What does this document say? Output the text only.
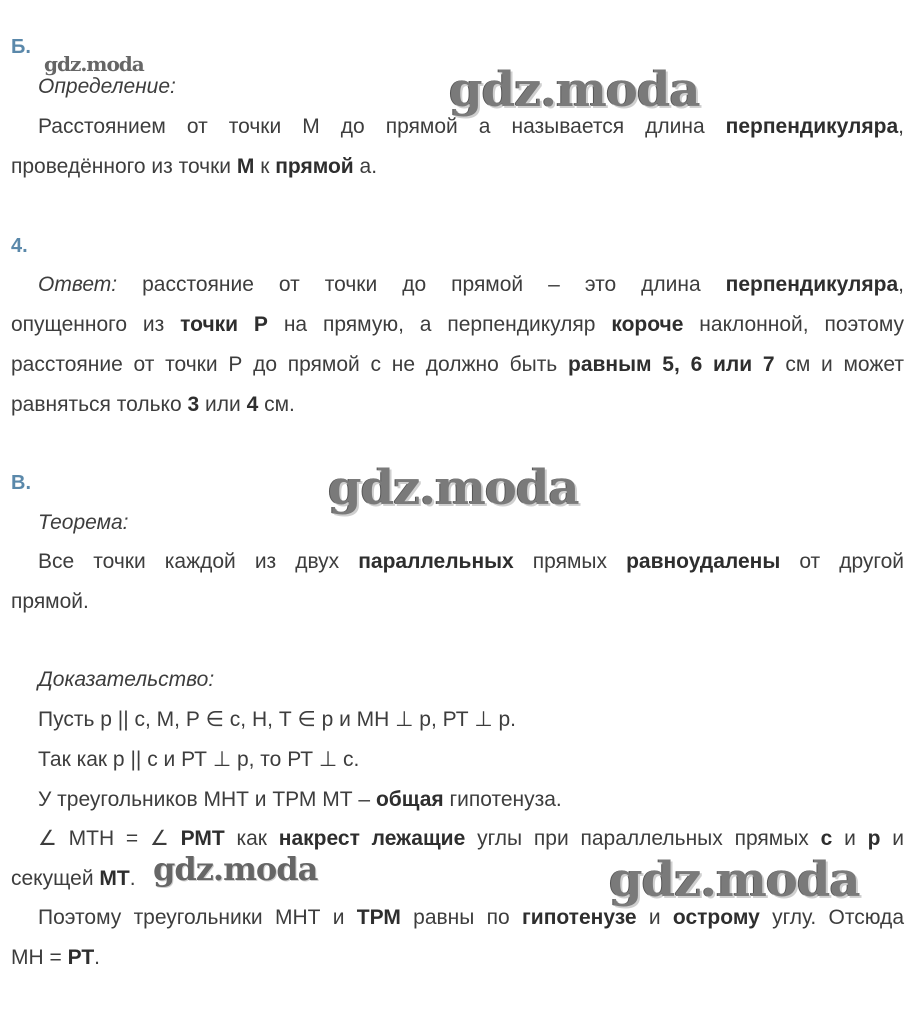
Б.
gdz.moda	gdz.moda
Определение:
Расстоянием от точки М до прямой а называется длина перпендикуляра,
проведённого из точки М к прямой а.
4.
Ответ: расстояние от точки до прямой – это длина перпендикуляра,
опущенного из точки Р на прямую, а перпендикуляр короче наклонной, поэтому
расстояние от точки Р до прямой с не должно быть равным 5, 6 или 7 см и может
равняться только 3 или 4 см.
В.	gdz.moda
Теорема:
Все точки каждой из двух параллельных прямых равноудалены от другой
прямой.
Доказательство:
Пусть р || с, М, Р ∈ с, Н, Т ∈ р и МН ⊥ р, РТ ⊥ р.
Так как р || с и РТ ⊥ р, то РТ ⊥ с.
У треугольников МНТ и ТРМ МТ – общая гипотенуза.
∠ МТН = ∠ РМТ как накрест лежащие углы при параллельных прямых с и р и
секущей МТ. gdz.moda	gdz.moda
Поэтому треугольники МНТ и ТРМ равны по гипотенузе и острому углу. Отсюда
МН = РТ.
